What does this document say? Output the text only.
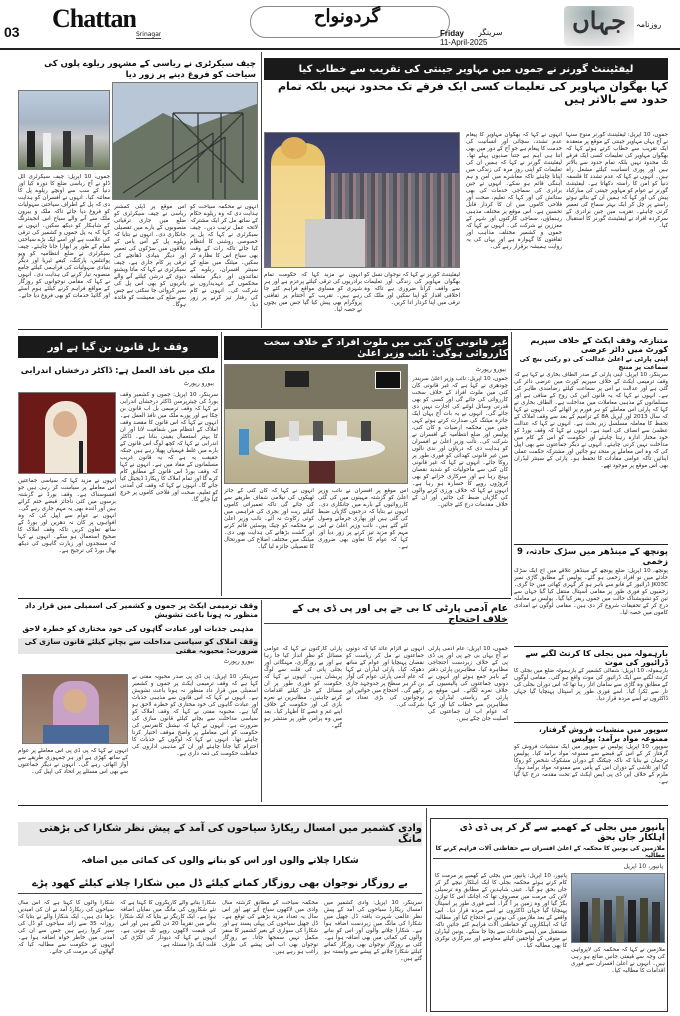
03 Chattan
Srinagar
گردونواح
Friday
11-April-2025
سرینگر	جہاں	روزنامہ
چیف سیکرٹری نے ریاسی کے مشہور ریلوے پلوں کی سیاحت کو فروغ دینے پر زور دیا
جموں، 10 اپریل: چیف سیکرٹری اٹل ڈلو نے آج ریاسی ضلع کا دورہ کیا اور دنیا کے سب سے اونچے ریلوے پل کا معائنہ کیا۔ انہوں نے افسران کو ہدایت دی کہ پل کے اطراف سیاحتی سہولیات کو فروغ دیا جائے تاکہ ملک و بیرون ملک سے آنے والے سیاح اس انجینئرنگ کے شاہکار کو دیکھ سکیں۔ انہوں نے کہا کہ یہ پل جموں و کشمیر کی ترقی کی علامت ہے اور اسے ایک بڑے سیاحتی مقام کے طور پر ابھارا جانا چاہئے۔ چیف سیکرٹری نے ضلع انتظامیہ کو ویو پوائنٹس، پارکنگ، کیفے ٹیریا اور دیگر بنیادی سہولیات کی فراہمی کیلئے جامع منصوبہ تیار کرنے کی ہدایت دی۔ انہوں نے کہا کہ مقامی نوجوانوں کو روزگار کے مواقع فراہم کرنے کیلئے ہوم اسٹے اور گائیڈ خدمات کو بھی فروغ دیا جائے۔
اس موقع پر ڈپٹی کمشنر ریاسی نے چیف سیکرٹری کو ضلع میں جاری ترقیاتی منصوبوں کے بارے میں تفصیلی جانکاری دی۔ انہوں نے بتایا کہ ریلوے پل کے آس پاس کے علاقوں میں سڑکوں کی تعمیر اور دیگر بنیادی ڈھانچے کی ترقی پر کام جاری ہے۔ چیف سیکرٹری نے کہا کہ ماتا ویشنو دیوی کے درشن کیلئے آنے والے یاتریوں کو بھی اس پل کی سیر کروائی جا سکتی ہے جس سے ضلع کی معیشت کو فائدہ ہوگا۔
انہوں نے محکمہ سیاحت کو ہدایت دی کہ وہ ریلوے حکام کے ساتھ مل کر ایک مشترکہ لائحہ عمل ترتیب دیں۔ چیف سیکرٹری نے کہا کہ پل پر خصوصی روشنی کا انتظام کیا جائے تاکہ رات کے وقت بھی سیاح اس کا نظارہ کر سکیں۔ میٹنگ میں ضلع کے سینئر افسران، ریلوے کے نمائندوں اور دیگر متعلقہ محکموں کے عہدیداروں نے شرکت کی۔ انہوں نے کام کی رفتار تیز کرنے پر زور دیا۔
لیفٹیننٹ گورنر نے جموں میں مہاویر جینتی کی تقریب سے خطاب کیا
کہا بھگوان مہاویر کی تعلیمات کسی ایک فرقے تک محدود نہیں بلکہ تمام حدود سے بالاتر ہیں
انہوں نے کہا کہ بھگوان مہاویر کا پیغام عدم تشدد، سچائی اور انسانیت کی خدمت کا پیغام ہے جو آج کے دور میں بھی اتنا ہی اہم ہے جتنا صدیوں پہلے تھا۔ لیفٹیننٹ گورنر نے کہا کہ ہمیں ان کی تعلیمات کو اپنی روز مرہ کی زندگی میں اپنانا چاہئے تاکہ معاشرے میں امن و ہم آہنگی قائم ہو سکے۔ انہوں نے جین برادری کی سماجی خدمات کی بھی ستائش کی اور کہا کہ تعلیم، صحت اور فلاحی کاموں میں ان کا کردار قابل تحسین ہے۔ اس موقع پر مختلف مذہبی رہنماؤں، سماجی کارکنوں اور شہر کے معززین نے شرکت کی۔ انہوں نے کہا کہ جموں و کشمیر مختلف مذاہب اور ثقافتوں کا گہوارہ ہے اور یہاں کی یہ روایت ہمیشہ برقرار رہے گی۔
جموں، 10 اپریل: لیفٹیننٹ گورنر منوج سنہا نے آج یہاں مہاویر جینتی کے موقع پر منعقدہ ایک تقریب سے خطاب کرتے ہوئے کہا کہ بھگوان مہاویر کی تعلیمات کسی ایک فرقے تک محدود نہیں بلکہ تمام حدود سے بالاتر ہیں اور پوری انسانیت کیلئے مشعل راہ ہیں۔ انہوں نے کہا کہ عدم تشدد کا فلسفہ دنیا کو امن کا راستہ دکھاتا ہے۔ لیفٹیننٹ گورنر نے عوام کو مہاویر جینتی کی مبارکباد پیش کی اور کہا کہ ہمیں ان کے بتائے ہوئے راستے پر چل کر ایک بہتر سماج کی تعمیر کرنی چاہئے۔ تقریب میں جین برادری کے سرکردہ افراد نے لیفٹیننٹ گورنر کا استقبال کیا۔
انہوں نے مزید کہا کہ حکومت تمام برادریوں کی ترقی کیلئے پرعزم ہے اور ہر شہری کو مساوی مواقع فراہم کئے جا رہے ہیں۔ تقریب کے اختتام پر ثقافتی پروگرام بھی پیش کیا گیا جس میں بچوں نے حصہ لیا۔
لیفٹیننٹ گورنر نے کہا کہ نوجوان نسل کو بھگوان مہاویر کی زندگی اور تعلیمات سے واقف کرانا ضروری ہے تاکہ وہ اخلاقی اقدار کو اپنا سکیں اور ملک کی ترقی میں اپنا کردار ادا کریں۔
وقف بل قانون بن گیا ہے اور
ملک میں نافذ العمل ہے: ڈاکٹر درخشاں اندرابی
بیورو رپورٹ
سرینگر، 10 اپریل: جموں و کشمیر وقف بورڈ کی چیئرپرسن ڈاکٹر درخشاں اندرابی نے کہا کہ وقف ترمیمی بل اب قانون بن چکا ہے اور پورے ملک میں نافذ العمل ہے۔ انہوں نے کہا کہ اس قانون کا مقصد وقف املاک کے انتظام میں شفافیت لانا اور ان کا بہتر استعمال یقینی بنانا ہے۔ ڈاکٹر اندرابی نے کہا کہ کچھ لوگ اس قانون کے بارے میں غلط فہمیاں پھیلا رہے ہیں جبکہ حقیقت یہ ہے کہ یہ قانون غریب مسلمانوں کے مفاد میں ہے۔ انہوں نے کہا کہ وقف بورڈ اس قانون کے مطابق کام کرے گا اور تمام املاک کا ریکارڈ ڈیجیٹل کیا جائے گا۔ انہوں نے کہا کہ وقف کی آمدنی کو تعلیم، صحت اور فلاحی کاموں پر خرچ کیا جائے گا۔
انہوں نے مزید کہا کہ سیاسی جماعتیں اس معاملے پر سیاست کر رہی ہیں جو افسوسناک ہے۔ وقف بورڈ نے گزشتہ برسوں میں کئی ناجائز قبضے ختم کرائے ہیں اور آئندہ بھی یہ مہم جاری رہے گی۔ انہوں نے عوام سے اپیل کی کہ وہ افواہوں پر کان نہ دھریں اور بورڈ کے ساتھ تعاون کریں تاکہ وقف املاک کا صحیح استعمال ہو سکے۔ انہوں نے کہا کہ مسجدوں اور زیارت گاہوں کی دیکھ بھال بورڈ کی ترجیح ہے۔
غیر قانونی کان کنی میں ملوث افراد کے خلاف سخت کارروائی ہوگی: نائب وزیر اعلیٰ
بیورو رپورٹ
جموں، 10 اپریل: نائب وزیر اعلیٰ سریندر چودھری نے کہا ہے کہ غیر قانونی کان کنی میں ملوث افراد کے خلاف سخت کارروائی کی جائے گی اور کسی کو بھی قدرتی وسائل لوٹنے کی اجازت نہیں دی جائے گی۔ انہوں نے یہ بات آج یہاں ایک جائزہ میٹنگ کی صدارت کرتے ہوئے کہی جس میں محکمہ ارضیات و کان کنی، پولیس اور ضلع انتظامیہ کے افسران نے شرکت کی۔ نائب وزیر اعلیٰ نے افسران کو ہدایت دی کہ دریاؤں اور ندی نالوں میں غیر قانونی کھدائی کو فوری طور پر روکا جائے۔ انہوں نے کہا کہ غیر قانونی کان کنی سے ماحولیات کو شدید نقصان پہنچ رہا ہے اور سرکاری خزانے کو بھی کروڑوں روپے کا خسارہ ہو رہا ہے۔ انہوں نے کہا کہ خلاف ورزی کرنے والوں کی گاڑیاں ضبط کی جائیں اور ان کے خلاف مقدمات درج کئے جائیں۔
انہوں نے کہا کہ کان کنی کے جائز ٹھیکوں کی نیلامی شفاف طریقے سے کی جائے گی تاکہ تعمیراتی کاموں کیلئے ریت اور بجری کی فراہمی میں کوئی رکاوٹ نہ آئے۔ نائب وزیر اعلیٰ نے محکمہ کو چیک پوسٹیں قائم کرنے اور گشت بڑھانے کی ہدایت بھی دی۔ میٹنگ میں مختلف اضلاع کی صورتحال کا تفصیلی جائزہ لیا گیا۔
اس موقع پر افسران نے نائب وزیر اعلیٰ کو گزشتہ مہینوں میں کی گئی کارروائیوں کے بارے میں جانکاری دی۔ انہوں نے بتایا کہ درجنوں گاڑیاں ضبط کی گئی ہیں اور بھاری جرمانے وصول کئے گئے ہیں۔ نائب وزیر اعلیٰ نے اس مہم کو مزید تیز کرنے پر زور دیا اور کہا کہ عوام کا تعاون بھی ضروری ہے۔
متنازعہ وقف ایکٹ کے خلاف سپریم کورٹ میں دائر عرضی
اپنی پارٹی نے اعلیٰ عدالت کی دو رکنی بنچ کی سماعت پر منتج
سرینگر، 10 اپریل: اپنی پارٹی کے صدر الطاف بخاری نے کہا ہے کہ وقف ترمیمی ایکٹ کے خلاف سپریم کورٹ میں عرضی دائر کی گئی ہے اور عدالت نے اس پر سماعت کیلئے رضامندی ظاہر کی ہے۔ انہوں نے کہا کہ یہ قانون آئین کی روح کے منافی ہے اور مسلمانوں کے مذہبی معاملات میں مداخلت ہے۔ الطاف بخاری نے کہا کہ پارٹی اس معاملے کو ہر فورم پر اٹھائے گی۔ انہوں نے کہا کہ سال 2013 اور اپریل 8A کے ترامیم کے بعد سے وقف املاک کے تحفظ کا معاملہ مسلسل زیر بحث ہے۔ انہوں نے کہا کہ عدالت عظمیٰ سے انصاف کی امید ہے۔ انہوں نے کہا کہ وقف بورڈ کو خود مختار ادارہ رہنا چاہئے اور حکومت کو اس کے کام میں مداخلت نہیں کرنی چاہئے۔ انہوں نے دیگر جماعتوں سے بھی اپیل کی کہ وہ اس معاملے پر متحد ہو جائیں اور مشترکہ حکمت عملی اپنائیں تاکہ عوامی مفادات کا تحفظ ہو۔ پارٹی کے سینئر لیڈران بھی اس موقع پر موجود تھے۔
پونچھ کے مینڈھر میں سڑک حادثہ، 9 زخمی
پونچھ، 10 اپریل: ضلع پونچھ کے مینڈھر علاقے میں آج ایک سڑک حادثے میں نو افراد زخمی ہو گئے۔ پولیس کے مطابق گاڑی نمبر JK03C ڈرائیور کے قابو سے باہر ہو کر گہری کھائی میں جا گری۔ زخمیوں کو فوری طور پر مقامی اسپتال منتقل کیا گیا جہاں سے تین کو تشویشناک حالت میں جموں ریفر کیا گیا۔ پولیس نے معاملہ درج کر کے تحقیقات شروع کر دی ہیں۔ مقامی لوگوں نے امدادی کاموں میں حصہ لیا۔
بارہمولہ میں بجلی کا کرنٹ لگنے سے ڈرائیور کی موت
بارہمولہ، 10 اپریل: شمالی کشمیر کے بارہمولہ ضلع میں بجلی کا کرنٹ لگنے سے ایک ڈرائیور کی موت واقع ہو گئی۔ مقامی لوگوں کے مطابق وہ گاڑی سے سامان اتار رہا تھا کہ اس دوران بجلی کی تار سے ٹکرا گیا۔ اسے فوری طور پر اسپتال پہنچایا گیا جہاں ڈاکٹروں نے اسے مردہ قرار دیا۔
سوپور میں منشیات فروش گرفتار، ممنوعہ مواد برآمد: پولیس
سوپور، 10 اپریل: پولیس نے سوپور میں ایک منشیات فروش کو گرفتار کر کے اس کے قبضے سے ممنوعہ مواد برآمد کیا۔ پولیس ترجمان نے بتایا کہ ناکہ چیکنگ کے دوران مشکوک شخص کو روکا گیا اور تلاشی کے دوران اس کے پاس سے ممنوعہ مواد برآمد ہوا۔ ملزم کے خلاف این ڈی پی ایس ایکٹ کے تحت مقدمہ درج کیا گیا ہے۔
وقف ترمیمی ایکٹ پر جموں و کشمیر کی اسمبلی میں قرار داد منظور نہ ہونا باعث تشویش
مذہبی جذبات اور عبادت گاہوں کی خود مختاری کو خطرہ لاحق
وقف املاک کو سیاسی مداخلت سے بچانے کیلئے قانون سازی کی ضرورت: محبوبہ مفتی
بیورو رپورٹ
سرینگر، 10 اپریل: پی ڈی پی صدر محبوبہ مفتی نے کہا ہے کہ وقف ترمیمی ایکٹ پر جموں و کشمیر اسمبلی میں قرار داد منظور نہ ہونا باعث تشویش ہے۔ انہوں نے کہا کہ اس قانون سے مذہبی جذبات اور عبادت گاہوں کی خود مختاری کو خطرہ لاحق ہو گیا ہے۔ محبوبہ مفتی نے کہا کہ وقف املاک کو سیاسی مداخلت سے بچانے کیلئے قانون سازی کی ضرورت ہے۔ انہوں نے کہا کہ نیشنل کانفرنس کی حکومت کو اس معاملے پر واضح موقف اختیار کرنا چاہئے تھا۔ انہوں نے کہا کہ لوگوں کے جذبات کا احترام کیا جانا چاہئے اور ان کے مذہبی اداروں کی حفاظت حکومت کی ذمہ داری ہے۔
انہوں نے کہا کہ پی ڈی پی اس معاملے پر عوام کے ساتھ کھڑی ہے اور ہر جمہوری طریقے سے آواز اٹھاتی رہے گی۔ انہوں نے دیگر جماعتوں سے بھی اس مسئلے پر اتحاد کی اپیل کی۔
عام آدمی پارٹی کا بی جے پی اور پی ڈی پی کے خلاف احتجاج
پارٹی کارکنوں نے کہا کہ عوامی مسائل کو نظر انداز کیا جا رہا ہے اور بے روزگاری، مہنگائی اور بجلی پانی کی قلت سے لوگ پریشان ہیں۔ انہوں نے کہا کہ حکومت کو فوری طور پر ان مسائل کے حل کیلئے اقدامات کرنے چاہئیں۔ مظاہرین نے نعرے بازی کی اور حکومت کے خلاف اپنے غم و غصے کا اظہار کیا۔ بعد میں وہ پرامن طور پر منتشر ہو گئے۔
انہوں نے الزام عائد کیا کہ دونوں جماعتوں نے مل کر ریاست کو نقصان پہنچایا اور عوام کے ساتھ دھوکہ کیا۔ پارٹی لیڈران نے کہا کہ عام آدمی پارٹی عوام کی آواز بن کر ہر سطح پر جدوجہد جاری رکھے گی۔ احتجاج میں خواتین اور نوجوانوں کی بڑی تعداد نے شرکت کی۔
جموں، 10 اپریل: عام آدمی پارٹی نے آج یہاں بی جے پی اور پی ڈی پی کے خلاف زبردست احتجاجی مظاہرہ کیا۔ مظاہرین پارٹی دفتر کے باہر جمع ہوئے اور انہوں نے دونوں جماعتوں کی پالیسیوں کے خلاف نعرے لگائے۔ اس موقع پر پارٹی کے ریاستی لیڈران نے مظاہرین سے خطاب کیا اور کہا کہ عوام اب ان جماعتوں کی اصلیت جان چکے ہیں۔
وادی کشمیر میں امسال ریکارڈ سیاحوں کی آمد کے پیش نظر شکارا کی بڑھتی مانگ
شکارا چلانے والوں اور اس کو بنانے والوں کی کمائی میں اضافہ
بے روزگار نوجوان بھی روزگار کمانے کیلئے ڈل میں شکارا چلانے کیلئے کھود پڑے
شکارا والوں کا کہنا ہے کہ اس سال سیاحوں کی ریکارڈ آمد نے ان کی امیدیں بڑھا دی ہیں۔ ایک شکارا والے نے بتایا کہ روزانہ 35 سے زائد سیاحوں کو ڈل کی سیر کروا رہے ہیں جس سے ان کی آمدنی میں خاطر خواہ اضافہ ہوا ہے۔ انہوں نے حکومت سے مطالبہ کیا کہ گھاٹوں کی مرمت کی جائے۔
شکارا بنانے والے کاریگروں کا کہنا ہے کہ نئے شکاروں کی مانگ میں نمایاں اضافہ ہوا ہے۔ ایک کاریگر نے بتایا کہ ایک شکارا بنانے میں تقریباً 20 دن لگتے ہیں اور اس کی قیمت لاکھوں روپے تک ہوتی ہے۔ انہوں نے کہا کہ دیودار کی لکڑی کی قلت ایک بڑا مسئلہ ہے۔
محکمہ سیاحت کے مطابق گزشتہ سال وادی میں لاکھوں سیاح آئے تھے اور اس سال یہ تعداد مزید بڑھنے کی توقع ہے۔ ڈل جھیل سیاحوں کی پہلی پسند ہے اور شکارا کی سواری کے بغیر کشمیر کا سفر مکمل نہیں سمجھا جاتا۔ بے روزگار نوجوان بھی اب اس پیشے کی طرف راغب ہو رہے ہیں۔
سرینگر، 10 اپریل: وادی کشمیر میں امسال ریکارڈ سیاحوں کی آمد کے پیش نظر عالمی شہرت یافتہ ڈل جھیل میں شکارا کی مانگ میں زبردست اضافہ ہوا ہے۔ شکارا چلانے والوں اور اس کو بنانے والوں کی کمائی میں بھی اضافہ ہوا ہے۔ کئی بے روزگار نوجوان بھی روزگار کمانے کیلئے شکارا چلانے کے پیشے سے وابستہ ہو گئے ہیں۔
پانپور میں بجلی کے کھمبے سے گر کر پی ڈی ڈی اہلکار جاں بحق
ملازمین کی یونین کا محکمہ کے اعلیٰ افسران سے حفاظتی آلات فراہم کرنے کا مطالبہ
پانپور، 10 اپریل
پانپور، 10 اپریل: پانپور میں بجلی کے کھمبے پر مرمت کا کام کرتے ہوئے محکمہ بجلی کا ایک اہلکار نیچے گر کر جاں بحق ہو گیا۔ عینی شاہدین کے مطابق وہ ترسیلی لائن کی مرمت میں مصروف تھا کہ اچانک اس کا توازن بگڑ گیا اور وہ زمین پر آ گرا۔ اسے فوری طور پر اسپتال پہنچایا گیا جہاں ڈاکٹروں نے اسے مردہ قرار دیا۔ اس واقعے کے بعد ملازمین کی یونین نے احتجاج کیا اور مطالبہ کیا کہ اہلکاروں کو حفاظتی آلات فراہم کئے جائیں تاکہ مستقبل میں ایسے حادثات سے بچا جا سکے۔ یونین لیڈران نے متوفی کے لواحقین کیلئے معاوضے اور سرکاری نوکری کا بھی مطالبہ کیا۔
ملازمین نے کہا کہ محکمہ کی لاپرواہی کی وجہ سے قیمتی جانیں ضائع ہو رہی ہیں۔ انہوں نے اعلیٰ افسران سے فوری اقدامات کا مطالبہ کیا۔
